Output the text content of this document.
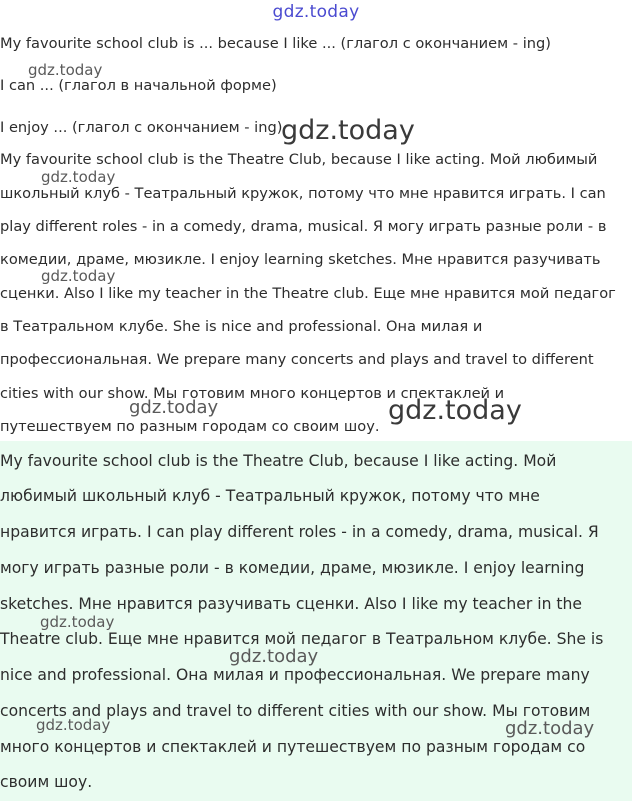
gdz.today
My favourite school club is ... because I like ... (глагол с окончанием - ing)
I can ... (глагол в начальной форме)
I enjoy ... (глагол с окончанием - ing)
My favourite school club is the Theatre Club, because I like acting. Мой любимый
школьный клуб - Театральный кружок, потому что мне нравится играть. I can
play different roles - in a comedy, drama, musical. Я могу играть разные роли - в
комедии, драме, мюзикле. I enjoy learning sketches. Мне нравится разучивать
сценки. Also I like my teacher in the Theatre club. Еще мне нравится мой педагог
в Театральном клубе. She is nice and professional. Она милая и
профессиональная. We prepare many concerts and plays and travel to different
cities with our show. Мы готовим много концертов и спектаклей и
путешествуем по разным городам со своим шоу.
My favourite school club is the Theatre Club, because I like acting. Мой
любимый школьный клуб - Театральный кружок, потому что мне
нравится играть. I can play different roles - in a comedy, drama, musical. Я
могу играть разные роли - в комедии, драме, мюзикле. I enjoy learning
sketches. Мне нравится разучивать сценки. Also I like my teacher in the
Theatre club. Еще мне нравится мой педагог в Театральном клубе. She is
nice and professional. Она милая и профессиональная. We prepare many
concerts and plays and travel to different cities with our show. Мы готовим
много концертов и спектаклей и путешествуем по разным городам со
своим шоу.
gdz.today
gdz.today
gdz.today
gdz.today
gdz.today	gdz.today
gdz.today
gdz.today
gdz.today	gdz.today
